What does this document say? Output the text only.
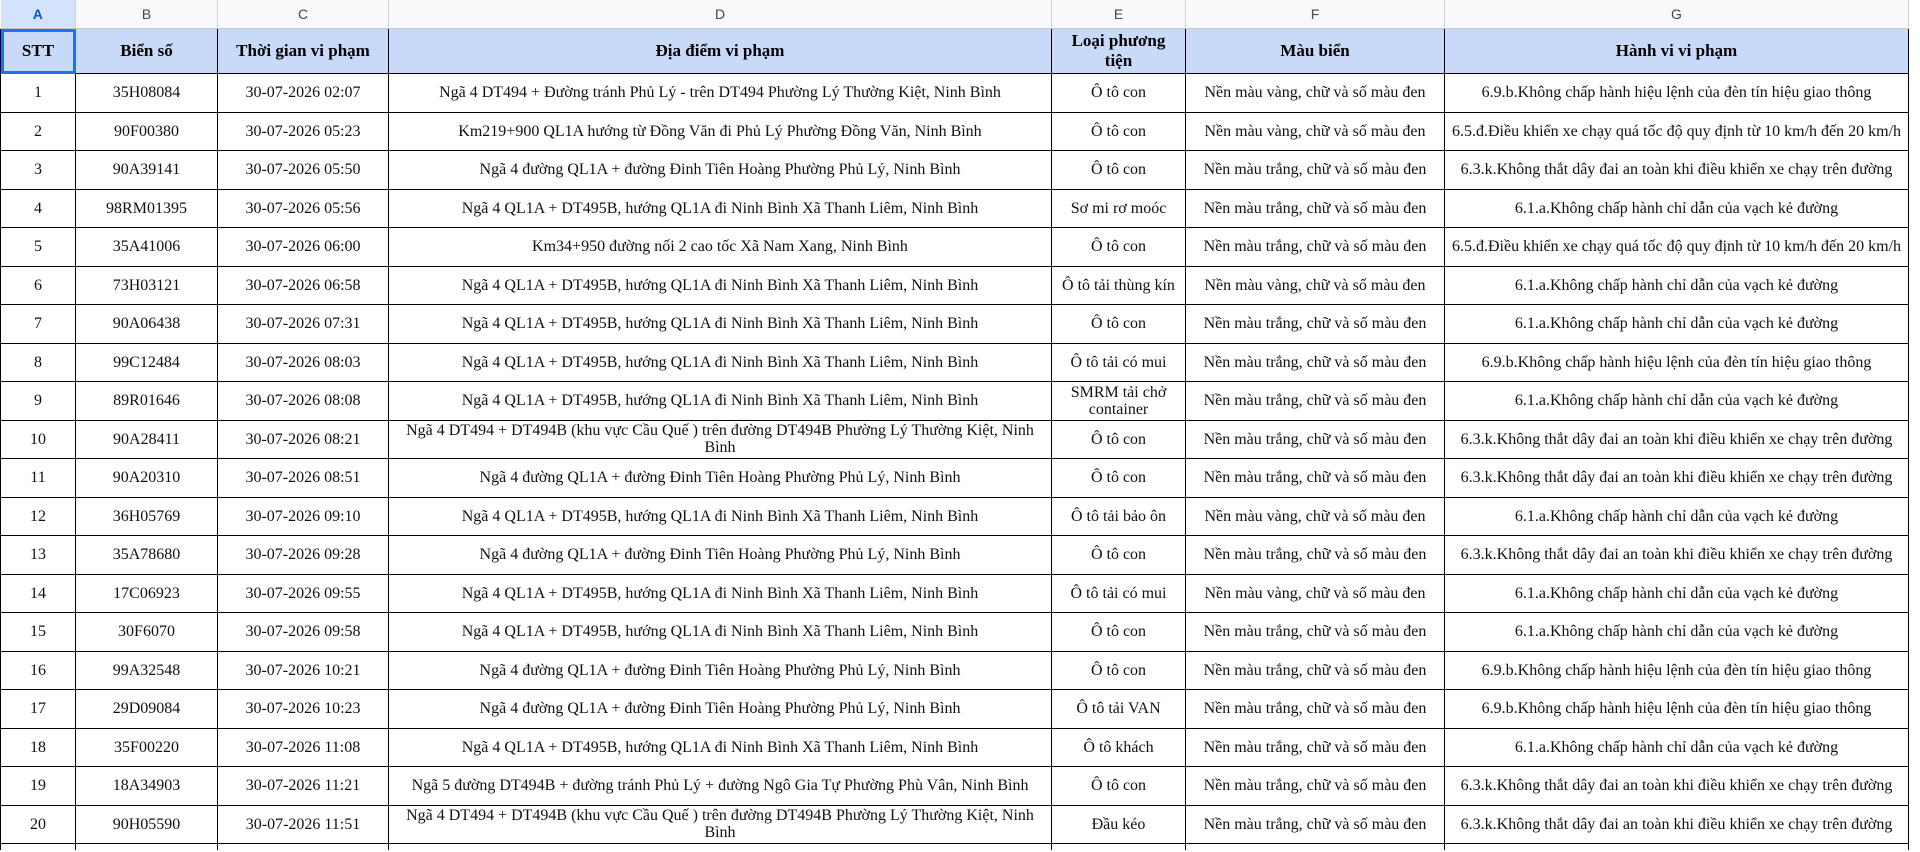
A	B	C	D	E	F	G
STT	Biển số	Thời gian vi phạm	Địa điểm vi phạm	Loại phương tiện	Màu biển	Hành vi vi phạm
1	35H08084	30-07-2026 02:07	Ngã 4 DT494 + Đường tránh Phủ Lý - trên DT494 Phường Lý Thường Kiệt, Ninh Bình	Ô tô con	Nền màu vàng, chữ và số màu đen	6.9.b.Không chấp hành hiệu lệnh của đèn tín hiệu giao thông
2	90F00380	30-07-2026 05:23	Km219+900 QL1A hướng từ Đồng Văn đi Phủ Lý Phường Đồng Văn, Ninh Bình	Ô tô con	Nền màu vàng, chữ và số màu đen	6.5.đ.Điều khiển xe chạy quá tốc độ quy định từ 10 km/h đến 20 km/h
3	90A39141	30-07-2026 05:50	Ngã 4 đường QL1A + đường Đinh Tiên Hoàng Phường Phủ Lý, Ninh Bình	Ô tô con	Nền màu trắng, chữ và số màu đen	6.3.k.Không thắt dây đai an toàn khi điều khiển xe chạy trên đường
4	98RM01395	30-07-2026 05:56	Ngã 4 QL1A + DT495B, hướng QL1A đi Ninh Bình Xã Thanh Liêm, Ninh Bình	Sơ mi rơ moóc	Nền màu trắng, chữ và số màu đen	6.1.a.Không chấp hành chỉ dẫn của vạch kẻ đường
5	35A41006	30-07-2026 06:00	Km34+950 đường nối 2 cao tốc Xã Nam Xang, Ninh Bình	Ô tô con	Nền màu trắng, chữ và số màu đen	6.5.đ.Điều khiển xe chạy quá tốc độ quy định từ 10 km/h đến 20 km/h
6	73H03121	30-07-2026 06:58	Ngã 4 QL1A + DT495B, hướng QL1A đi Ninh Bình Xã Thanh Liêm, Ninh Bình	Ô tô tải thùng kín	Nền màu vàng, chữ và số màu đen	6.1.a.Không chấp hành chỉ dẫn của vạch kẻ đường
7	90A06438	30-07-2026 07:31	Ngã 4 QL1A + DT495B, hướng QL1A đi Ninh Bình Xã Thanh Liêm, Ninh Bình	Ô tô con	Nền màu trắng, chữ và số màu đen	6.1.a.Không chấp hành chỉ dẫn của vạch kẻ đường
8	99C12484	30-07-2026 08:03	Ngã 4 QL1A + DT495B, hướng QL1A đi Ninh Bình Xã Thanh Liêm, Ninh Bình	Ô tô tải có mui	Nền màu trắng, chữ và số màu đen	6.9.b.Không chấp hành hiệu lệnh của đèn tín hiệu giao thông
9	89R01646	30-07-2026 08:08	Ngã 4 QL1A + DT495B, hướng QL1A đi Ninh Bình Xã Thanh Liêm, Ninh Bình	SMRM tải chở container	Nền màu trắng, chữ và số màu đen	6.1.a.Không chấp hành chỉ dẫn của vạch kẻ đường
10	90A28411	30-07-2026 08:21	Ngã 4 DT494 + DT494B (khu vực Cầu Quế ) trên đường DT494B Phường Lý Thường Kiệt, Ninh Bình	Ô tô con	Nền màu trắng, chữ và số màu đen	6.3.k.Không thắt dây đai an toàn khi điều khiển xe chạy trên đường
11	90A20310	30-07-2026 08:51	Ngã 4 đường QL1A + đường Đinh Tiên Hoàng Phường Phủ Lý, Ninh Bình	Ô tô con	Nền màu trắng, chữ và số màu đen	6.3.k.Không thắt dây đai an toàn khi điều khiển xe chạy trên đường
12	36H05769	30-07-2026 09:10	Ngã 4 QL1A + DT495B, hướng QL1A đi Ninh Bình Xã Thanh Liêm, Ninh Bình	Ô tô tải bảo ôn	Nền màu vàng, chữ và số màu đen	6.1.a.Không chấp hành chỉ dẫn của vạch kẻ đường
13	35A78680	30-07-2026 09:28	Ngã 4 đường QL1A + đường Đinh Tiên Hoàng Phường Phủ Lý, Ninh Bình	Ô tô con	Nền màu trắng, chữ và số màu đen	6.3.k.Không thắt dây đai an toàn khi điều khiển xe chạy trên đường
14	17C06923	30-07-2026 09:55	Ngã 4 QL1A + DT495B, hướng QL1A đi Ninh Bình Xã Thanh Liêm, Ninh Bình	Ô tô tải có mui	Nền màu vàng, chữ và số màu đen	6.1.a.Không chấp hành chỉ dẫn của vạch kẻ đường
15	30F6070	30-07-2026 09:58	Ngã 4 QL1A + DT495B, hướng QL1A đi Ninh Bình Xã Thanh Liêm, Ninh Bình	Ô tô con	Nền màu trắng, chữ và số màu đen	6.1.a.Không chấp hành chỉ dẫn của vạch kẻ đường
16	99A32548	30-07-2026 10:21	Ngã 4 đường QL1A + đường Đinh Tiên Hoàng Phường Phủ Lý, Ninh Bình	Ô tô con	Nền màu trắng, chữ và số màu đen	6.9.b.Không chấp hành hiệu lệnh của đèn tín hiệu giao thông
17	29D09084	30-07-2026 10:23	Ngã 4 đường QL1A + đường Đinh Tiên Hoàng Phường Phủ Lý, Ninh Bình	Ô tô tải VAN	Nền màu trắng, chữ và số màu đen	6.9.b.Không chấp hành hiệu lệnh của đèn tín hiệu giao thông
18	35F00220	30-07-2026 11:08	Ngã 4 QL1A + DT495B, hướng QL1A đi Ninh Bình Xã Thanh Liêm, Ninh Bình	Ô tô khách	Nền màu trắng, chữ và số màu đen	6.1.a.Không chấp hành chỉ dẫn của vạch kẻ đường
19	18A34903	30-07-2026 11:21	Ngã 5 đường DT494B + đường tránh Phủ Lý + đường Ngô Gia Tự Phường Phù Vân, Ninh Bình	Ô tô con	Nền màu trắng, chữ và số màu đen	6.3.k.Không thắt dây đai an toàn khi điều khiển xe chạy trên đường
20	90H05590	30-07-2026 11:51	Ngã 4 DT494 + DT494B (khu vực Cầu Quế ) trên đường DT494B Phường Lý Thường Kiệt, Ninh Bình	Đầu kéo	Nền màu trắng, chữ và số màu đen	6.3.k.Không thắt dây đai an toàn khi điều khiển xe chạy trên đường
